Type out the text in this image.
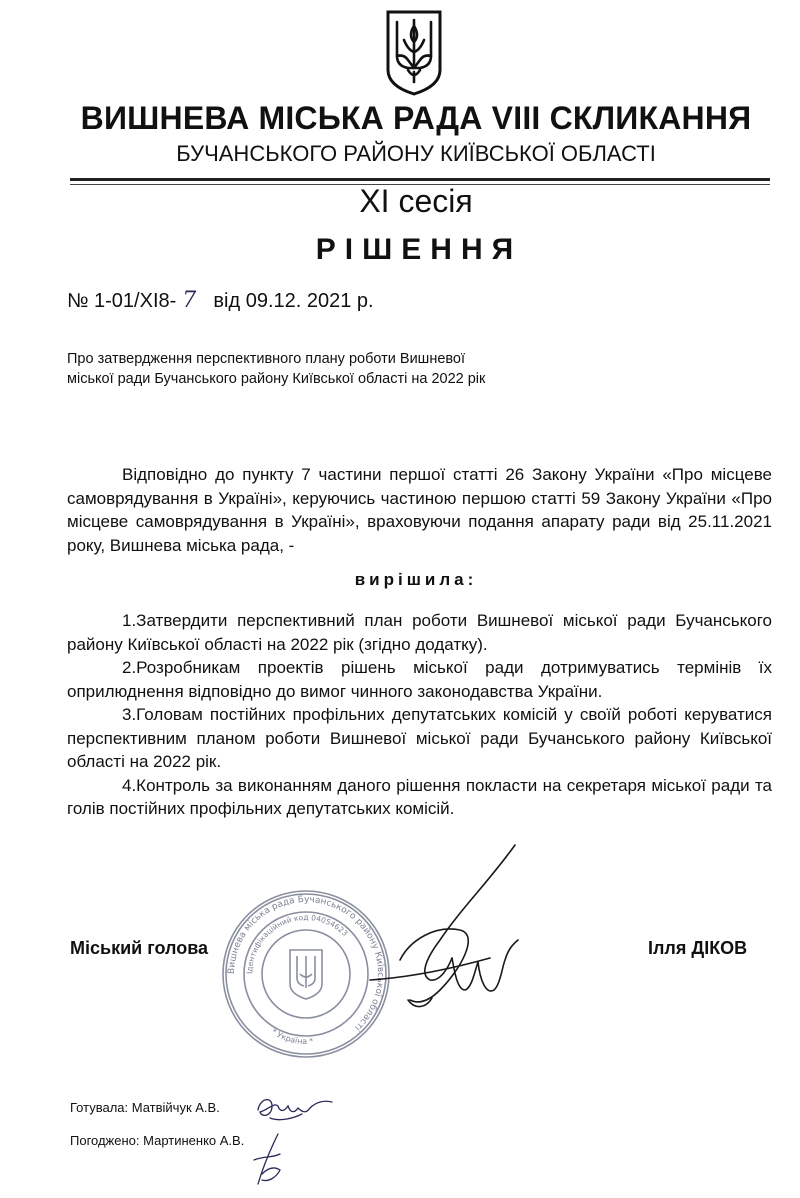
ВИШНЕВА МІСЬКА РАДА VIII СКЛИКАННЯ
БУЧАНСЬКОГО РАЙОНУ КИЇВСЬКОЇ ОБЛАСТІ
XI сесія
РІШЕННЯ
№ 1-01/XI8- 7 від 09.12. 2021 р.
Про затвердження перспективного плану роботи Вишневої
міської ради Бучанського району Київської області на 2022 рік
Відповідно до пункту 7 частини першої статті 26 Закону України «Про місцеве самоврядування в Україні», керуючись частиною першою статті 59 Закону України «Про місцеве самоврядування в Україні», враховуючи подання апарату ради від 25.11.2021 року, Вишнева міська рада, -
вирішила:

1.Затвердити перспективний план роботи Вишневої міської ради Бучанського району Київської області на 2022 рік (згідно додатку).

2.Розробникам проектів рішень міської ради дотримуватись термінів їх оприлюднення відповідно до вимог чинного законодавства України.

3.Головам постійних профільних депутатських комісій у своїй роботі керуватися перспективним планом роботи Вишневої міської ради Бучанського району Київської області на 2022 рік.

4.Контроль за виконанням даного рішення покласти на секретаря міської ради та голів постійних профільних депутатських комісій.

Міський голова	Ілля ДІКОВ
Вишнева міська рада Бучанського району Київської області
Ідентифікаційний код 04054623
* Україна *
Готувала: Матвійчук А.В.
Погоджено: Мартиненко А.В.
